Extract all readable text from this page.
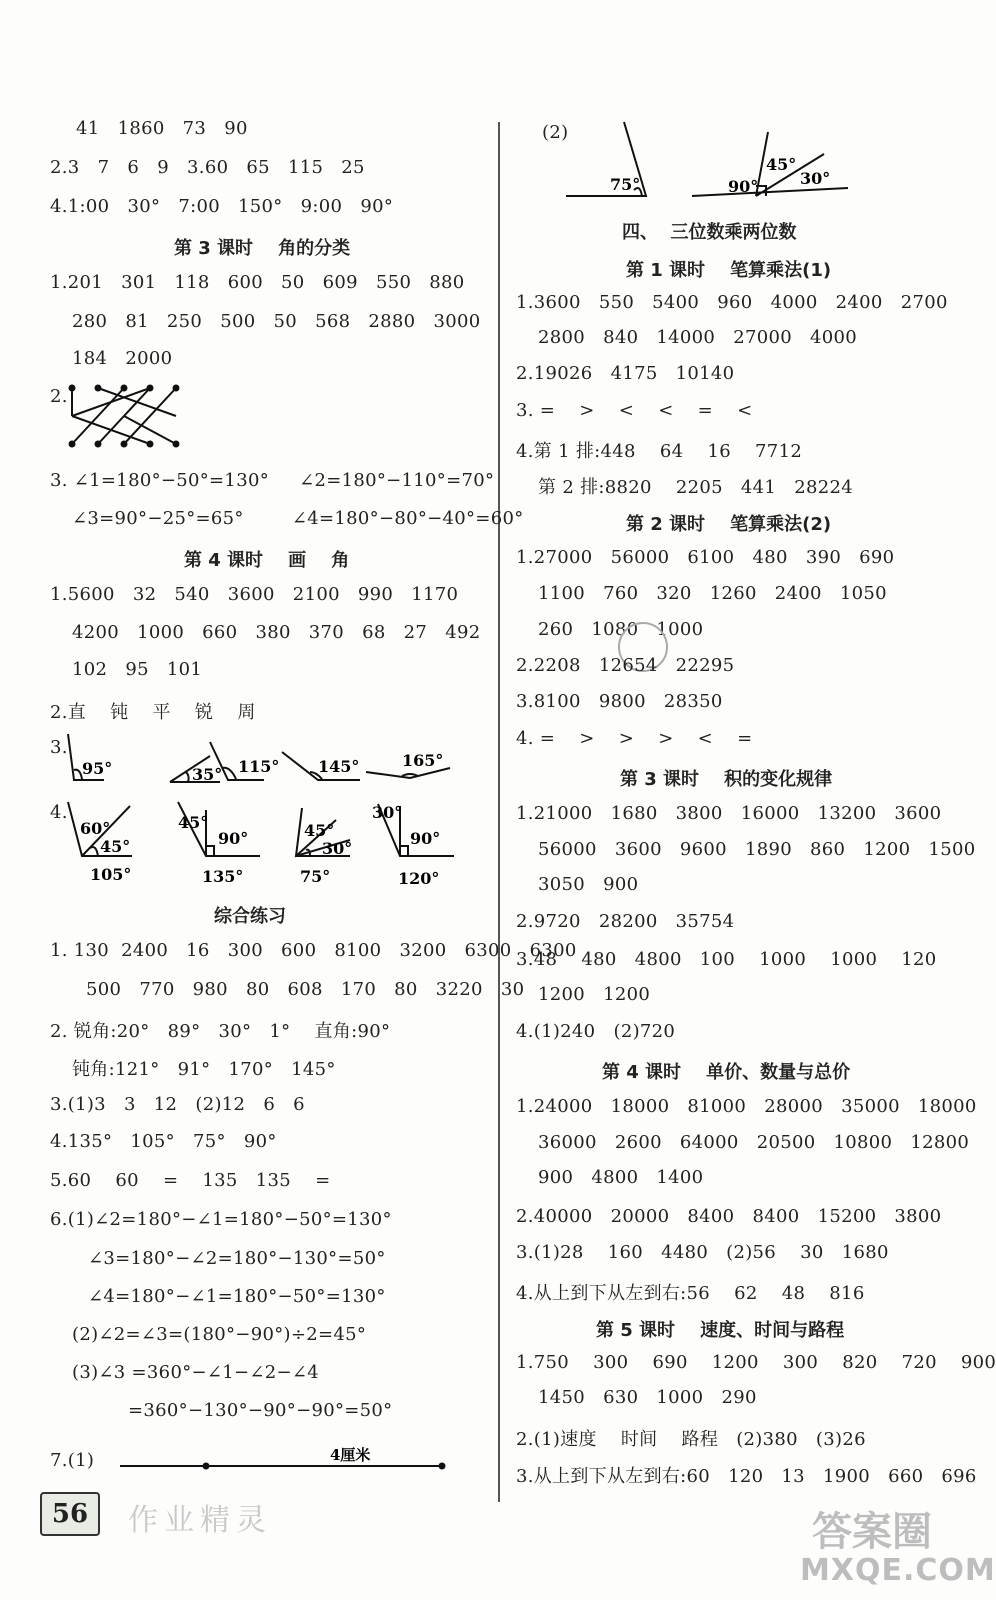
41   1860   73   90
2.3   7   6   9   3.60   65   115   25
4.1:00   30°   7:00   150°   9:00   90°
第 3 课时    角的分类
1.201   301   118   600   50   609   550   880
280   81   250   500   50   568   2880   3000
184   2000
2.
3. ∠1=180°−50°=130°     ∠2=180°−110°=70°
∠3=90°−25°=65°        ∠4=180°−80°−40°=60°
第 4 课时    画    角
1.5600   32   540   3600   2100   990   1170
4200   1000   660   380   370   68   27   492
102   95   101
2.直    钝    平    锐    周
3.
95°	35° 115° 145°	165°
4.
60°
45°
105°
45°
90°
135°
45°
30°
75°
30°
90°
120°
综合练习
1. 130  2400   16   300   600   8100   3200   6300   6300
500   770   980   80   608   170   80   3220   30
2. 锐角:20°   89°   30°   1°    直角:90°
钝角:121°   91°   170°   145°
3.(1)3   3   12   (2)12   6   6
4.135°   105°   75°   90°
5.60    60    =    135   135    =
6.(1)∠2=180°−∠1=180°−50°=130°
∠3=180°−∠2=180°−130°=50°
∠4=180°−∠1=180°−50°=130°
(2)∠2=∠3=(180°−90°)÷2=45°
(3)∠3 =360°−∠1−∠2−∠4
=360°−130°−90°−90°=50°
7.(1)	4厘米
(2)
75°	90°
45°
30°
四、  三位数乘两位数
第 1 课时    笔算乘法(1)
1.3600   550   5400   960   4000   2400   2700
2800   840   14000   27000   4000
2.19026   4175   10140
3. =    >    <    <    =    <
4.第 1 排:448    64    16    7712
第 2 排:8820    2205   441   28224
第 2 课时    笔算乘法(2)
1.27000   56000   6100   480   390   690
1100   760   320   1260   2400   1050
260   1080   1000
2.2208   12654   22295
3.8100   9800   28350
4. =    >    >    >    <    =
第 3 课时    积的变化规律
1.21000   1680   3800   16000   13200   3600
56000   3600   9600   1890   860   1200   1500
3050   900
2.9720   28200   35754
3.48    480   4800   100    1000    1000    120
1200   1200
4.(1)240   (2)720
第 4 课时    单价、数量与总价
1.24000   18000   81000   28000   35000   18000
36000   2600   64000   20500   10800   12800
900   4800   1400
2.40000   20000   8400   8400   15200   3800
3.(1)28    160   4480   (2)56    30   1680
4.从上到下从左到右:56    62    48    816
第 5 课时    速度、时间与路程
1.750    300    690    1200    300    820    720    900
1450   630   1000   290
2.(1)速度    时间    路程   (2)380   (3)26
3.从上到下从左到右:60   120   13   1900   660   696
56	作业精灵	答案圈
MXQE.COM
